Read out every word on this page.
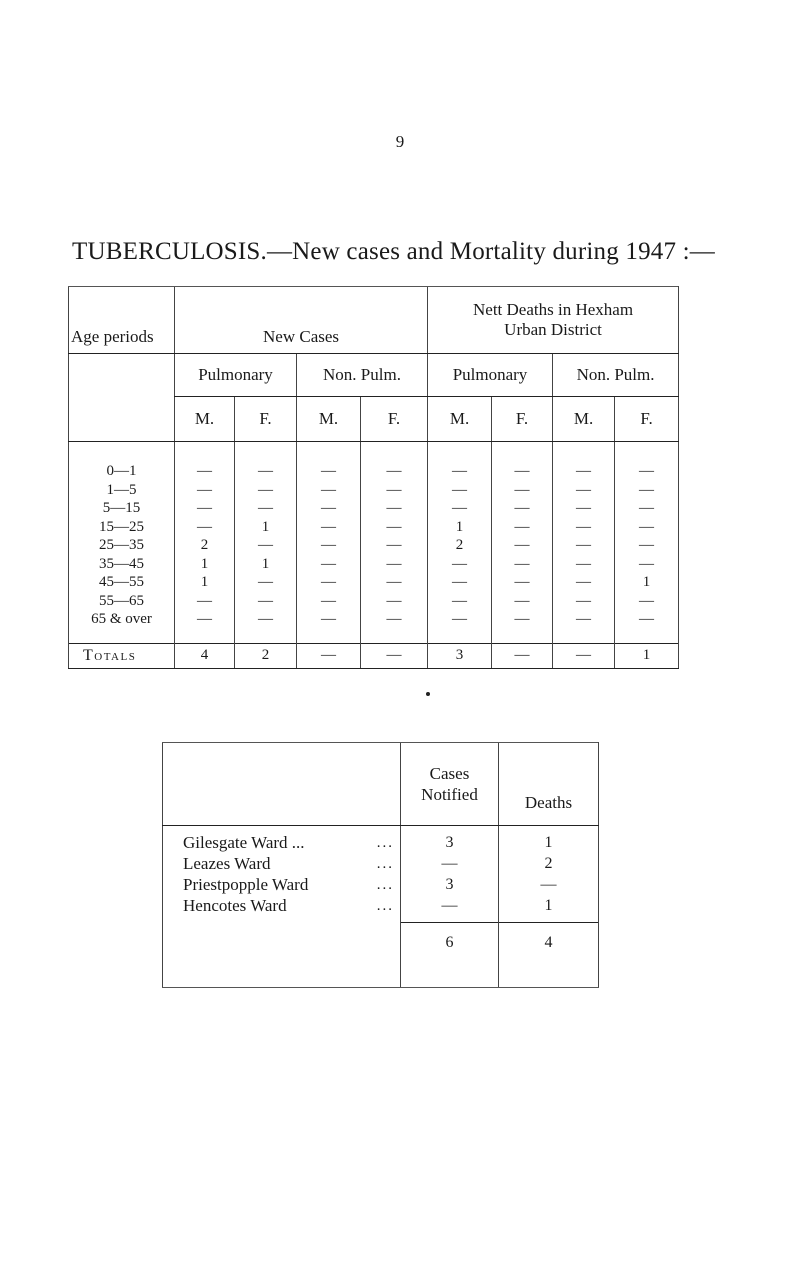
9
TUBERCULOSIS.—New cases and Mortality during 1947 :—
Age periods	New Cases				Nett Deaths in Hexham
Urban District			
	Pulmonary		Non. Pulm.		Pulmonary		Non. Pulm.	
	M.	F.	M.	F.	M.	F.	M.	F.

0—1	—	—	—	—	—	—	—	—
1—5	—	—	—	—	—	—	—	—
5—15	—	—	—	—	—	—	—	—
15—25	—	1	—	—	1	—	—	—
25—35	2	—	—	—	2	—	—	—
35—45	1	1	—	—	—	—	—	—
45—55	1	—	—	—	—	—	—	1
55—65	—	—	—	—	—	—	—	—
65 & over	—	—	—	—	—	—	—	—

Totals	4	2	—	—	3	—	—	1
		Cases
Notified	Deaths

Gilesgate Ward ...	...	3	1
Leazes Ward	...	—	2
Priestpopple Ward	...	3	—
Hencotes Ward	...	—	1

		6	4
